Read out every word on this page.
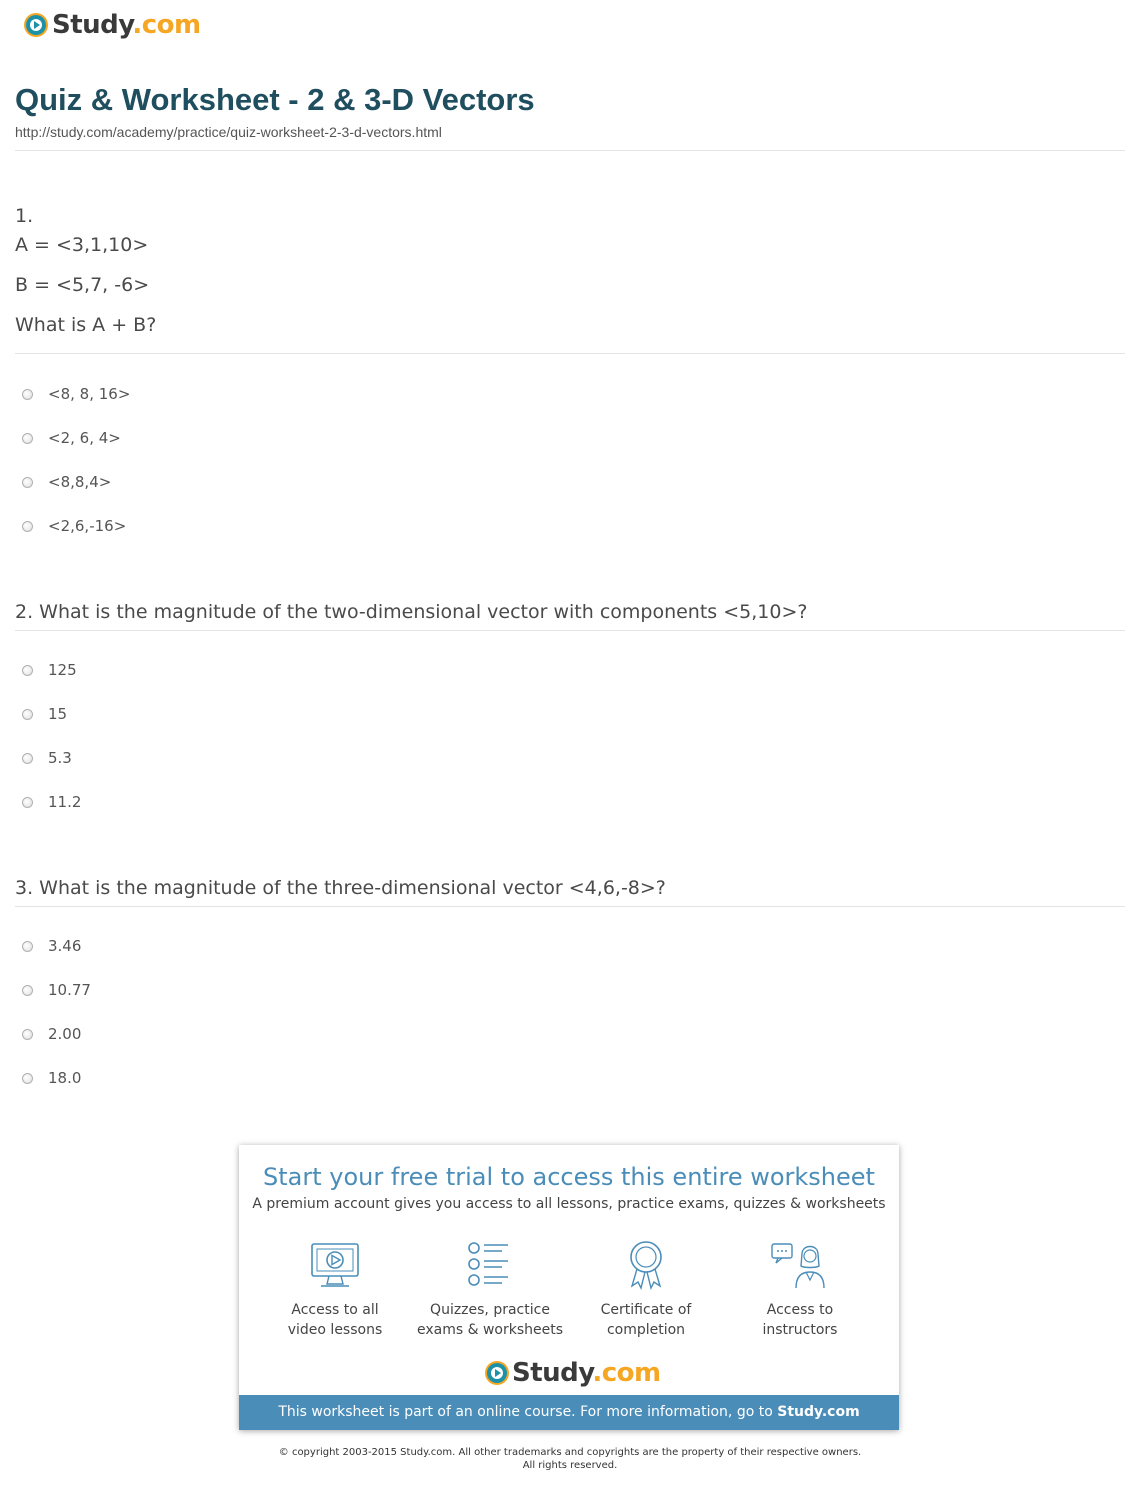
Study.com
Quiz & Worksheet - 2 & 3-D Vectors
http://study.com/academy/practice/quiz-worksheet-2-3-d-vectors.html
1.
A = <3,1,10>
B = <5,7, -6>
What is A + B?
<8, 8, 16>
<2, 6, 4>
<8,8,4>
<2,6,-16>
2. What is the magnitude of the two-dimensional vector with components <5,10>?
125
15
5.3
11.2
3. What is the magnitude of the three-dimensional vector <4,6,-8>?
3.46
10.77
2.00
18.0
Start your free trial to access this entire worksheet
A premium account gives you access to all lessons, practice exams, quizzes & worksheets
Access to all
video lessons
Quizzes, practice
exams & worksheets
Certificate of
completion
Access to
instructors
Study.com
This worksheet is part of an online course. For more information, go to Study.com
© copyright 2003-2015 Study.com. All other trademarks and copyrights are the property of their respective owners.
All rights reserved.
